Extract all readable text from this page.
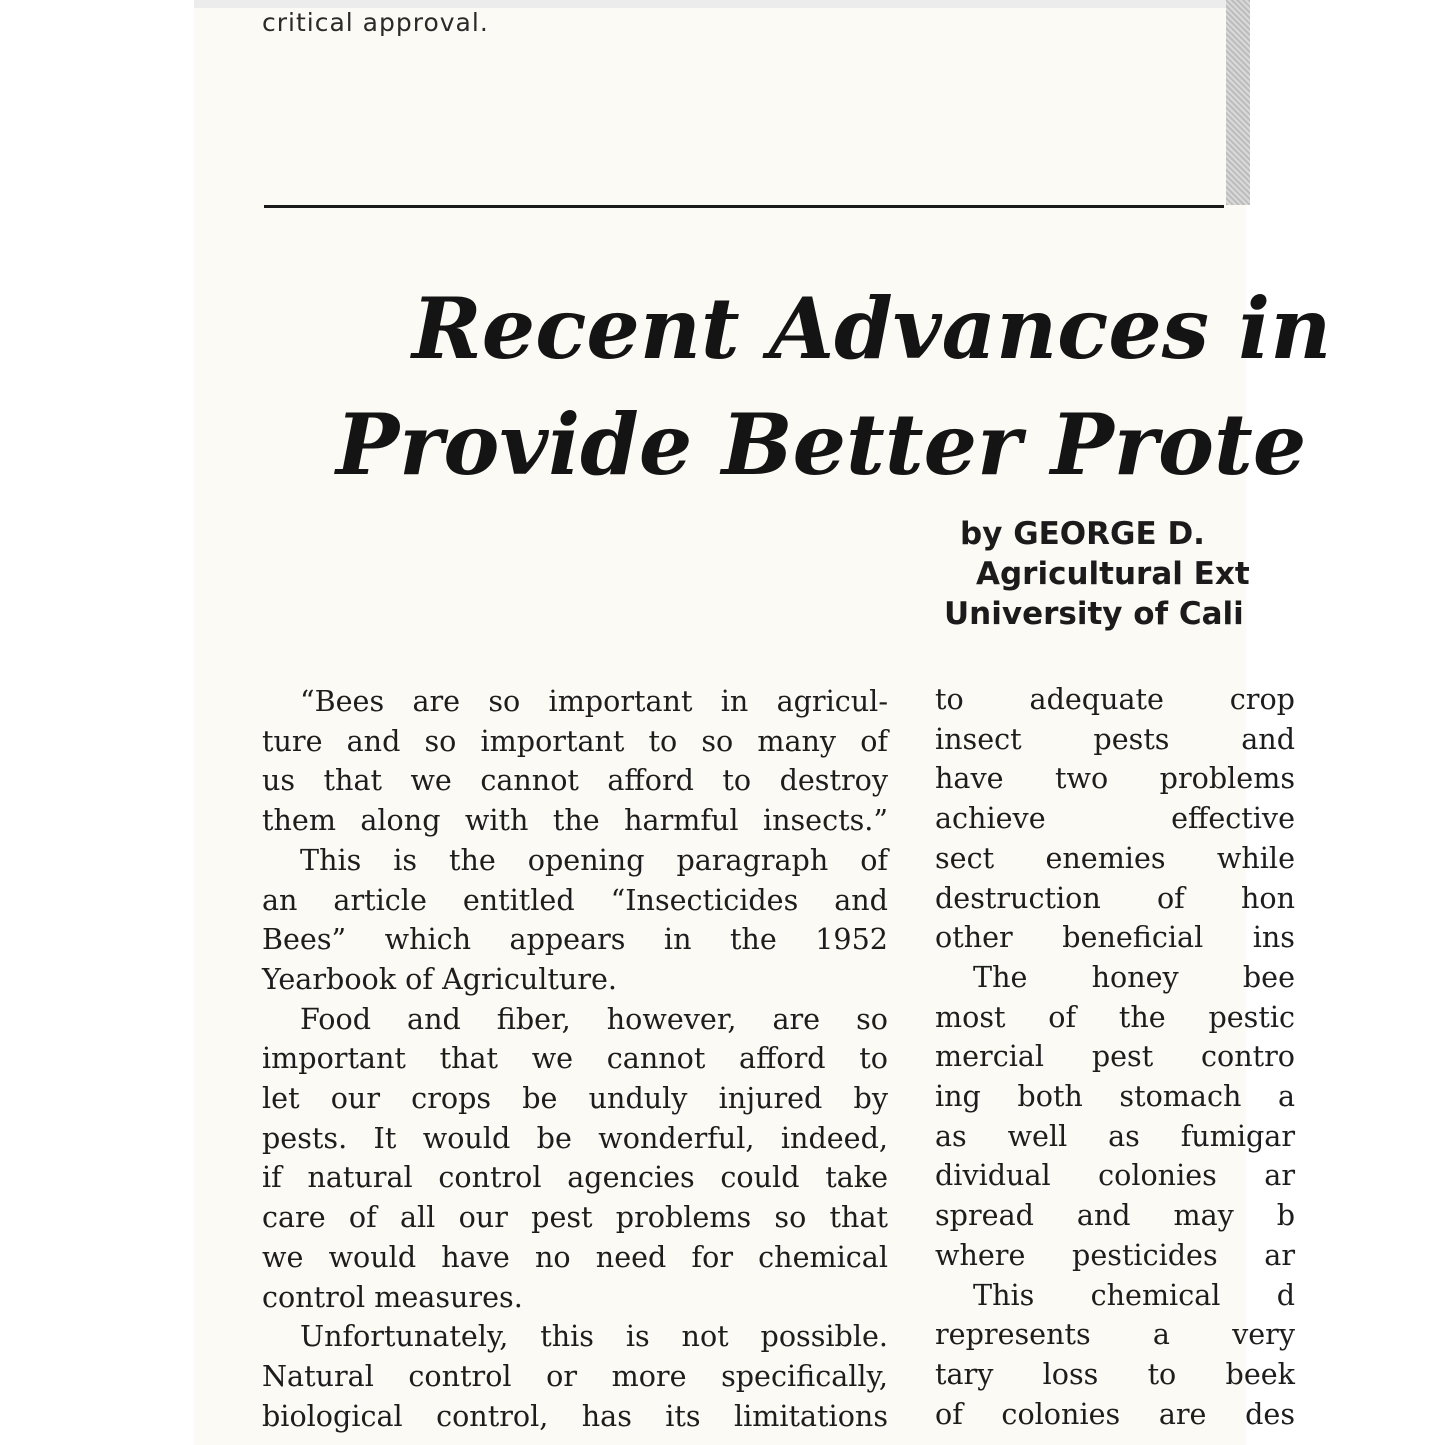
critical approval.
Recent Advances in
Provide Better Prote
by GEORGE D.
Agricultural Ext
University of Cali
“Bees are so important in agricul-
ture and so important to so many of
us that we cannot afford to destroy
them along with the harmful insects.”
This is the opening paragraph of
an article entitled “Insecticides and
Bees” which appears in the 1952
Yearbook of Agriculture.
Food and fiber, however, are so
important that we cannot afford to
let our crops be unduly injured by
pests. It would be wonderful, indeed,
if natural control agencies could take
care of all our pest problems so that
we would have no need for chemical
control measures.
Unfortunately, this is not possible.
Natural control or more specifically,
biological control, has its limitations
to adequate crop
insect pests and
have two problems
achieve effective
sect enemies while
destruction of hon
other beneficial ins
The honey bee
most of the pestic
mercial pest contro
ing both stomach a
as well as fumigar
dividual colonies ar
spread and may b
where pesticides ar
This chemical d
represents a very
tary loss to beek
of colonies are des
